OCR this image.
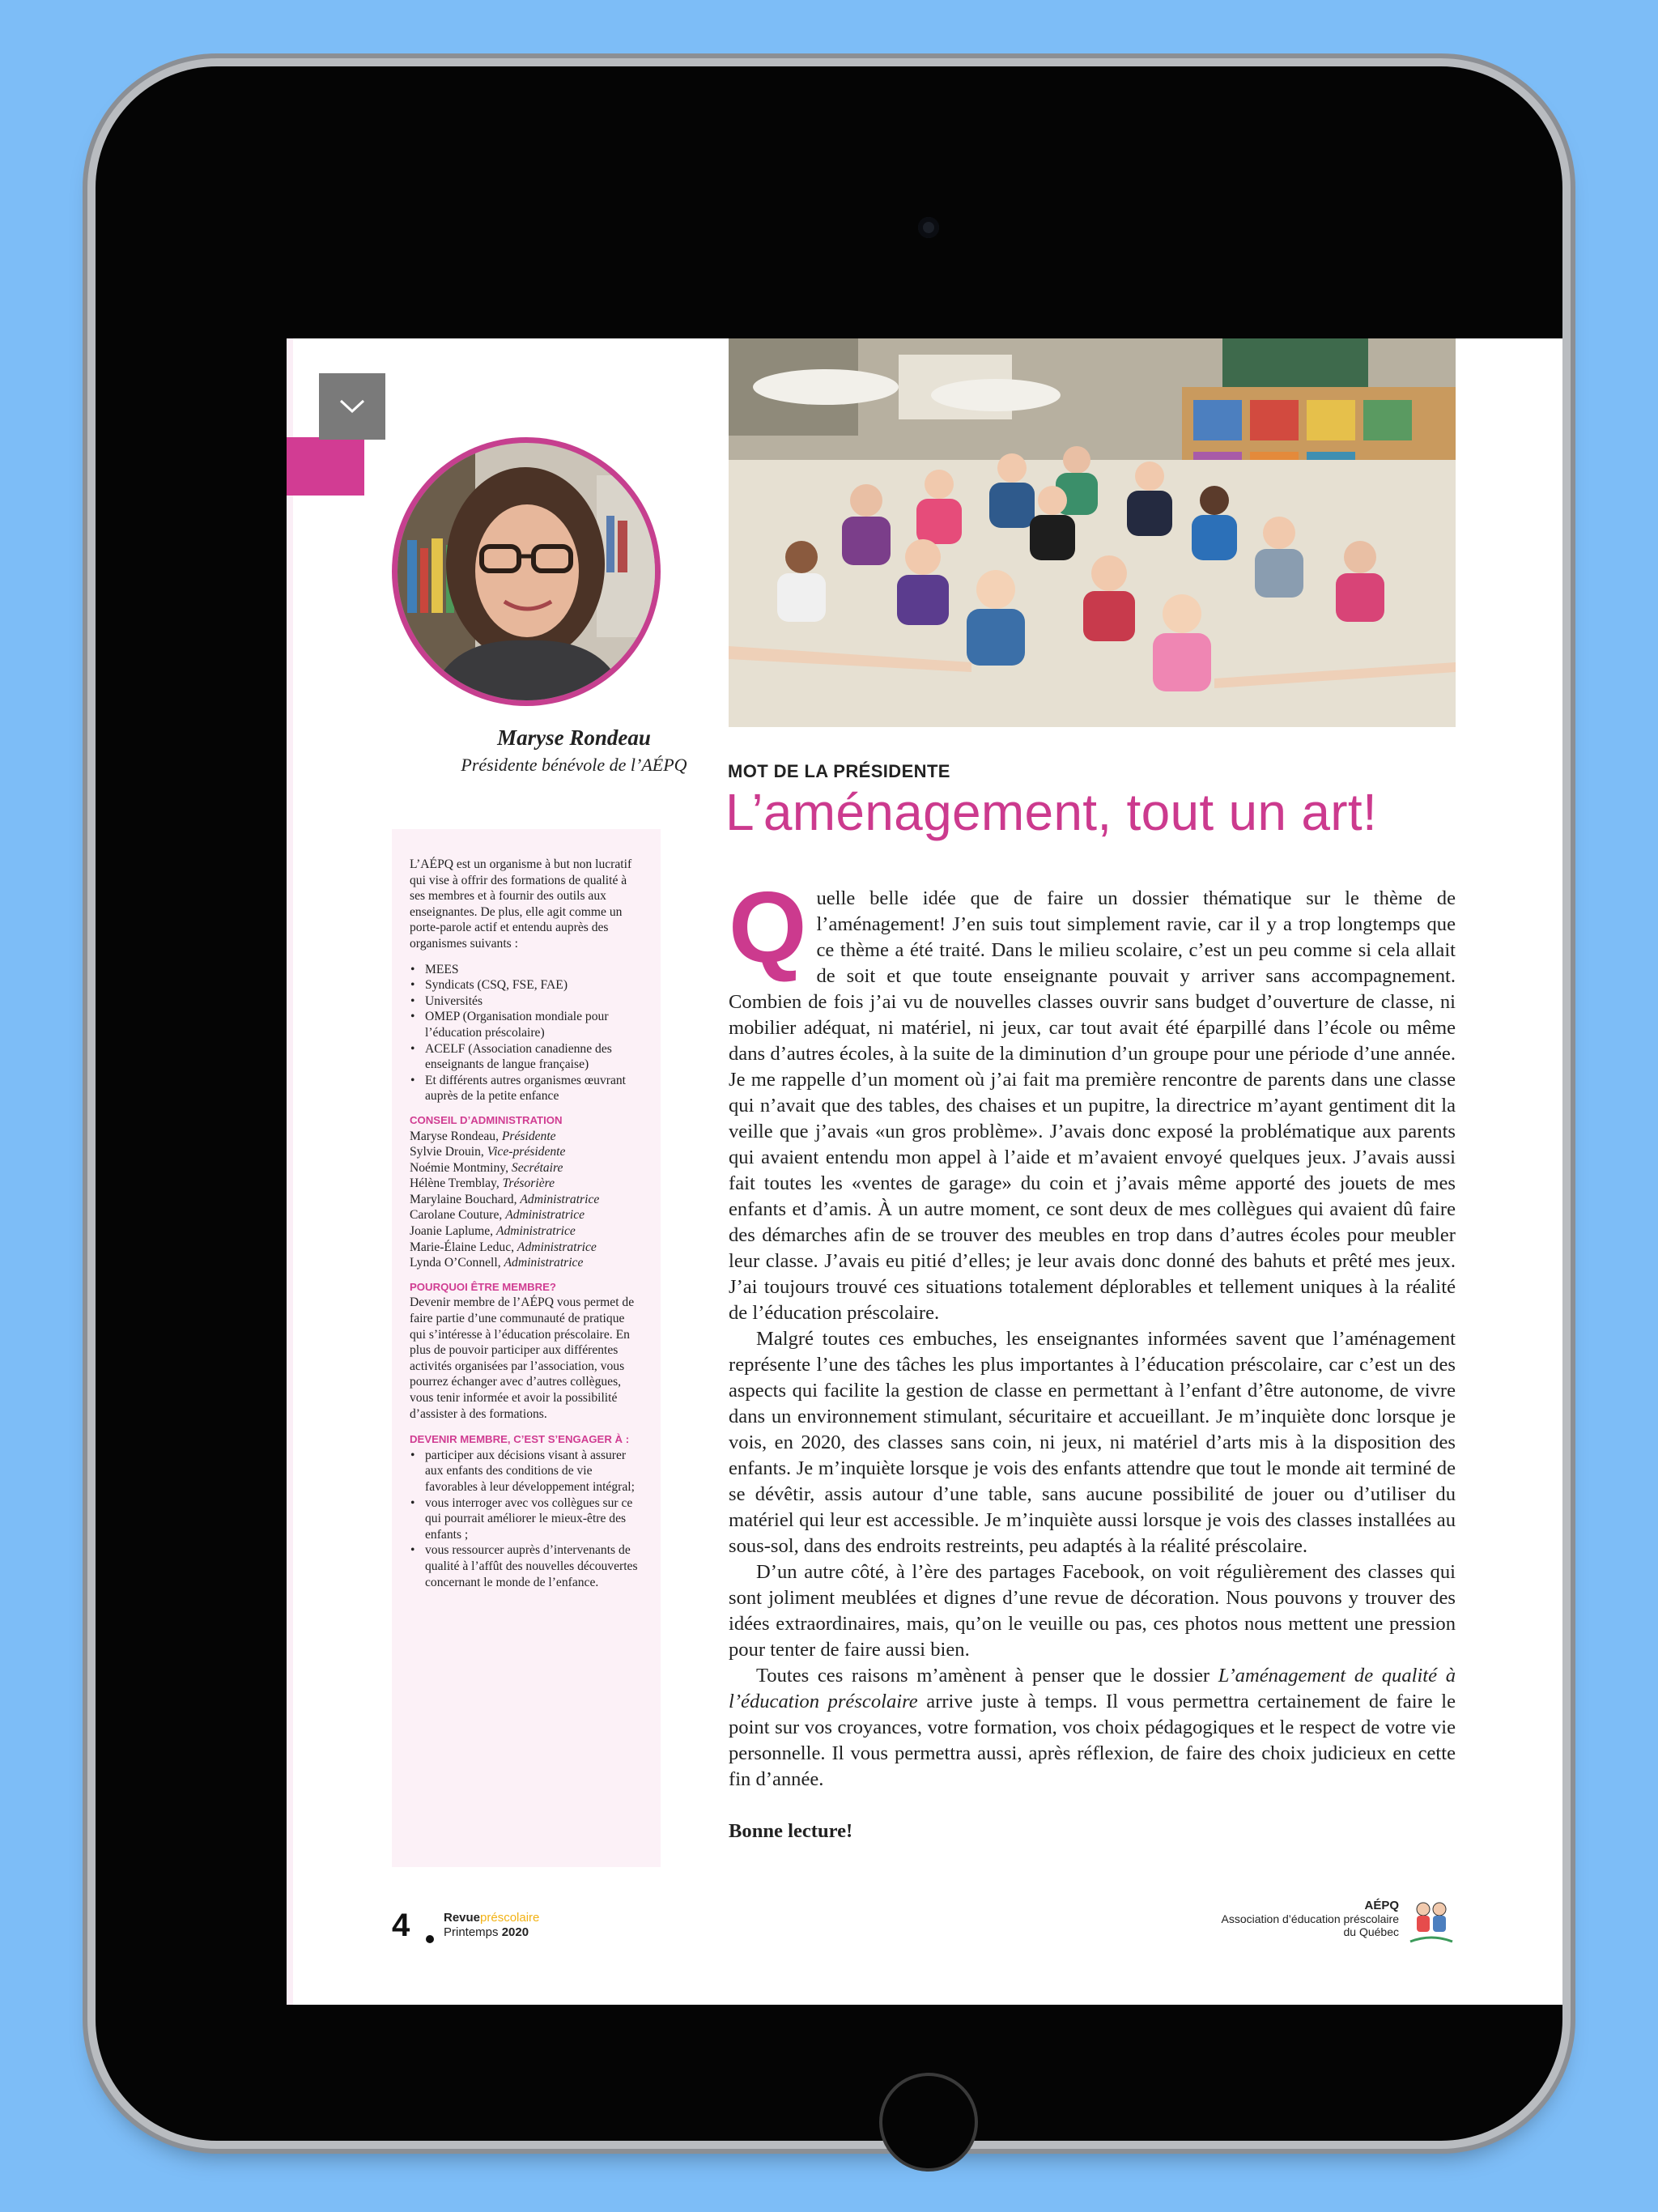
Maryse Rondeau
Présidente bénévole de l’AÉPQ

L’AÉPQ est un organisme à but non lucratif qui vise à offrir des formations de qualité à ses membres et à fournir des outils aux enseignantes. De plus, elle agit comme un porte-parole actif et entendu auprès des organismes suivants :

• MEES
• Syndicats (CSQ, FSE, FAE)
• Universités
• OMEP (Organisation mondiale pour l’éducation préscolaire)
• ACELF (Association canadienne des enseignants de langue française)
• Et différents autres organismes œuvrant auprès de la petite enfance
CONSEIL D’ADMINISTRATION
Maryse Rondeau, Présidente
Sylvie Drouin, Vice-présidente
Noémie Montminy, Secrétaire
Hélène Tremblay, Trésorière
Marylaine Bouchard, Administratrice
Carolane Couture, Administratrice
Joanie Laplume, Administratrice
Marie-Élaine Leduc, Administratrice
Lynda O’Connell, Administratrice
POURQUOI ÊTRE MEMBRE?

Devenir membre de l’AÉPQ vous permet de faire partie d’une communauté de pratique qui s’intéresse à l’éducation préscolaire. En plus de pouvoir participer aux différentes activités organisées par l’association, vous pourrez échanger avec d’autres collègues, vous tenir informée et avoir la possibilité d’assister à des formations.

DEVENIR MEMBRE, C’EST S’ENGAGER À :
• participer aux décisions visant à assurer aux enfants des conditions de vie favorables à leur développement intégral;
• vous interroger avec vos collègues sur ce qui pourrait améliorer le mieux-être des enfants ;
• vous ressourcer auprès d’intervenants de qualité à l’affût des nouvelles découvertes concernant le monde de l’enfance.
MOT DE LA PRÉSIDENTE
L’aménagement, tout un art!

Quelle belle idée que de faire un dossier thématique sur le thème de l’aménagement! J’en suis tout simplement ravie, car il y a trop longtemps que ce thème a été traité. Dans le milieu scolaire, c’est un peu comme si cela allait de soit et que toute enseignante pouvait y arriver sans accompagnement. Combien de fois j’ai vu de nouvelles classes ouvrir sans budget d’ouverture de classe, ni mobilier adéquat, ni matériel, ni jeux, car tout avait été éparpillé dans l’école ou même dans d’autres écoles, à la suite de la diminution d’un groupe pour une période d’une année. Je me rappelle d’un moment où j’ai fait ma première rencontre de parents dans une classe qui n’avait que des tables, des chaises et un pupitre, la directrice m’ayant gentiment dit la veille que j’avais «un gros problème». J’avais donc exposé la problématique aux parents qui avaient entendu mon appel à l’aide et m’avaient envoyé quelques jeux. J’avais aussi fait toutes les «ventes de garage» du coin et j’avais même apporté des jouets de mes enfants et d’amis. À un autre moment, ce sont deux de mes collègues qui avaient dû faire des démarches afin de se trouver des meubles en trop dans d’autres écoles pour meubler leur classe. J’avais eu pitié d’elles; je leur avais donc donné des bahuts et prêté mes jeux. J’ai toujours trouvé ces situations totalement déplorables et tellement uniques à la réalité de l’éducation préscolaire.

Malgré toutes ces embuches, les enseignantes informées savent que l’aménagement représente l’une des tâches les plus importantes à l’éducation préscolaire, car c’est un des aspects qui facilite la gestion de classe en permettant à l’enfant d’être autonome, de vivre dans un environnement stimulant, sécuritaire et accueillant. Je m’inquiète donc lorsque je vois, en 2020, des classes sans coin, ni jeux, ni matériel d’arts mis à la disposition des enfants. Je m’inquiète lorsque je vois des enfants attendre que tout le monde ait terminé de se dévêtir, assis autour d’une table, sans aucune possibilité de jouer ou d’utiliser du matériel qui leur est accessible. Je m’inquiète aussi lorsque je vois des classes installées au sous-sol, dans des endroits restreints, peu adaptés à la réalité préscolaire.

D’un autre côté, à l’ère des partages Facebook, on voit régulièrement des classes qui sont joliment meublées et dignes d’une revue de décoration. Nous pouvons y trouver des idées extraordinaires, mais, qu’on le veuille ou pas, ces photos nous mettent une pression pour tenter de faire aussi bien.

Toutes ces raisons m’amènent à penser que le dossier L’aménagement de qualité à l’éducation préscolaire arrive juste à temps. Il vous permettra certainement de faire le point sur vos croyances, votre formation, vos choix pédagogiques et le respect de votre vie personnelle. Il vous permettra aussi, après réflexion, de faire des choix judicieux en cette fin d’année.

Bonne lecture!

4	Revuepréscolaire
Printemps 2020
AÉPQ
Association d’éducation préscolaire
du Québec
